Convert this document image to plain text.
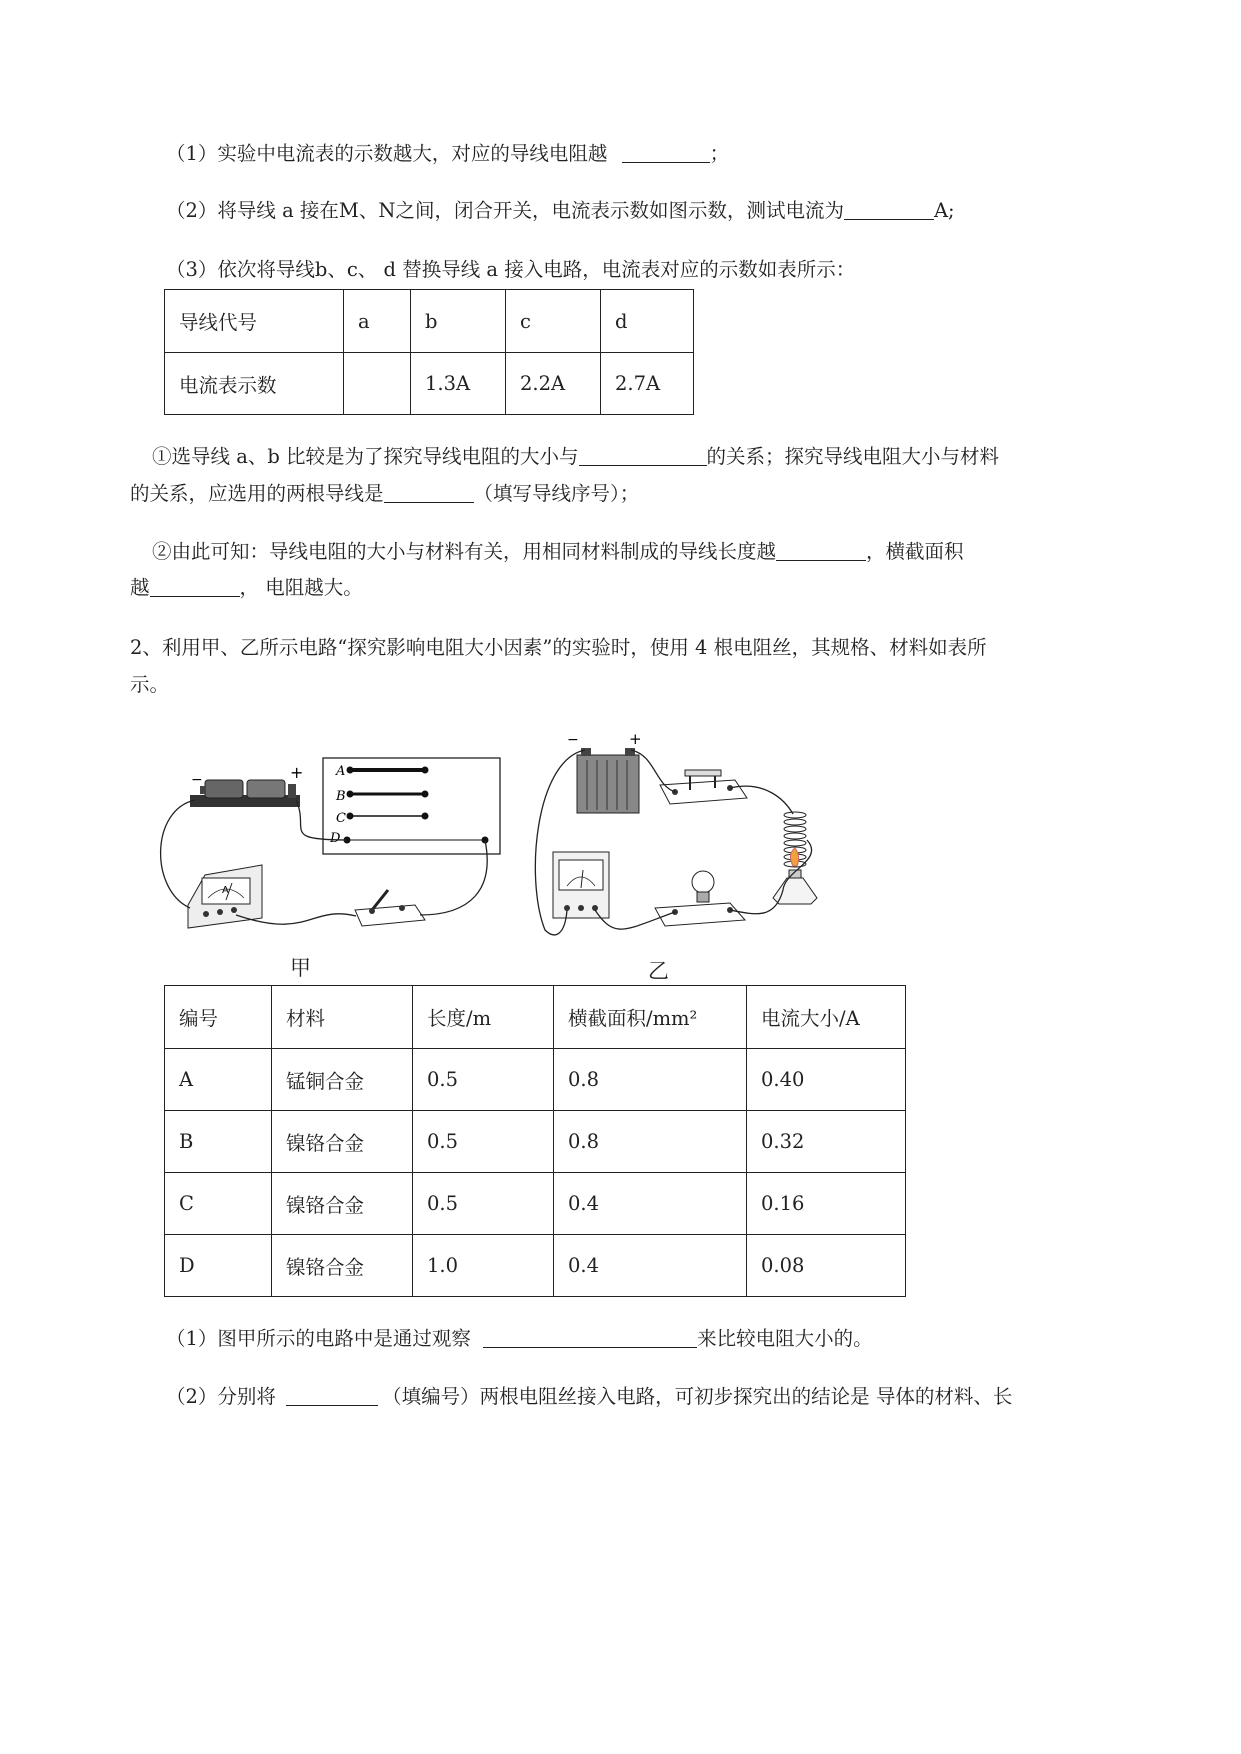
（1）实验中电流表的示数越大，对应的导线电阻越	；
（2）将导线 a 接在M、N之间，闭合开关，电流表示数如图示数，测试电流为	A;
（3）依次将导线b、c、 d 替换导线 a 接入电路，电流表对应的示数如表所示：
导线代号	a	b	c	d
电流表示数		1.3A	2.2A	2.7A
①选导线 a、b 比较是为了探究导线电阻的大小与	的关系；探究导线电阻大小与材料
的关系，应选用的两根导线是	（填写导线序号）；
②由此可知：导线电阻的大小与材料有关，用相同材料制成的导线长度越	，横截面积
越	， 电阻越大。
2、利用甲、乙所示电路“探究影响电阻大小因素”的实验时，使用 4 根电阻丝，其规格、材料如表所
示。
−	+	A
B
C
D
A
甲
−	+
乙
编号	材料	长度/m	横截面积/mm²	电流大小/A
A	锰铜合金	0.5	0.8	0.40
B	镍铬合金	0.5	0.8	0.32
C	镍铬合金	0.5	0.4	0.16
D	镍铬合金	1.0	0.4	0.08
（1）图甲所示的电路中是通过观察	来比较电阻大小的。
（2）分别将	（填编号）两根电阻丝接入电路，可初步探究出的结论是 导体的材料、长
